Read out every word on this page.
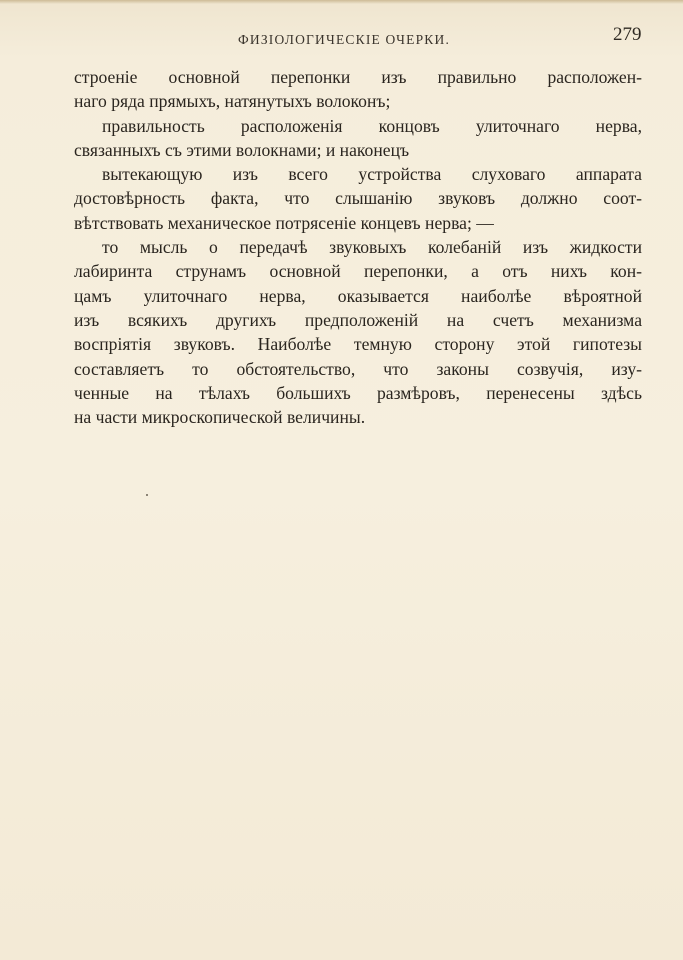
ФИЗІОЛОГИЧЕСКІЕ ОЧЕРКИ.	279
строеніе основной перепонки изъ правильно расположен-
наго ряда прямыхъ, натянутыхъ волоконъ;
правильность расположенія концовъ улиточнаго нерва,
связанныхъ съ этими волокнами; и наконецъ
вытекающую изъ всего устройства слуховаго аппарата
достовѣрность факта, что слышанію звуковъ должно соот-
вѣтствовать механическое потрясеніе концевъ нерва; —
то мысль о передачѣ звуковыхъ колебаній изъ жидкости
лабиринта струнамъ основной перепонки, а отъ нихъ кон-
цамъ улиточнаго нерва, оказывается наиболѣе вѣроятной
изъ всякихъ другихъ предположеній на счетъ механизма
воспріятія звуковъ. Наиболѣе темную сторону этой гипотезы
составляетъ то обстоятельство, что законы созвучія, изу-
ченные на тѣлахъ большихъ размѣровъ, перенесены здѣсь
на части микроскопической величины.
